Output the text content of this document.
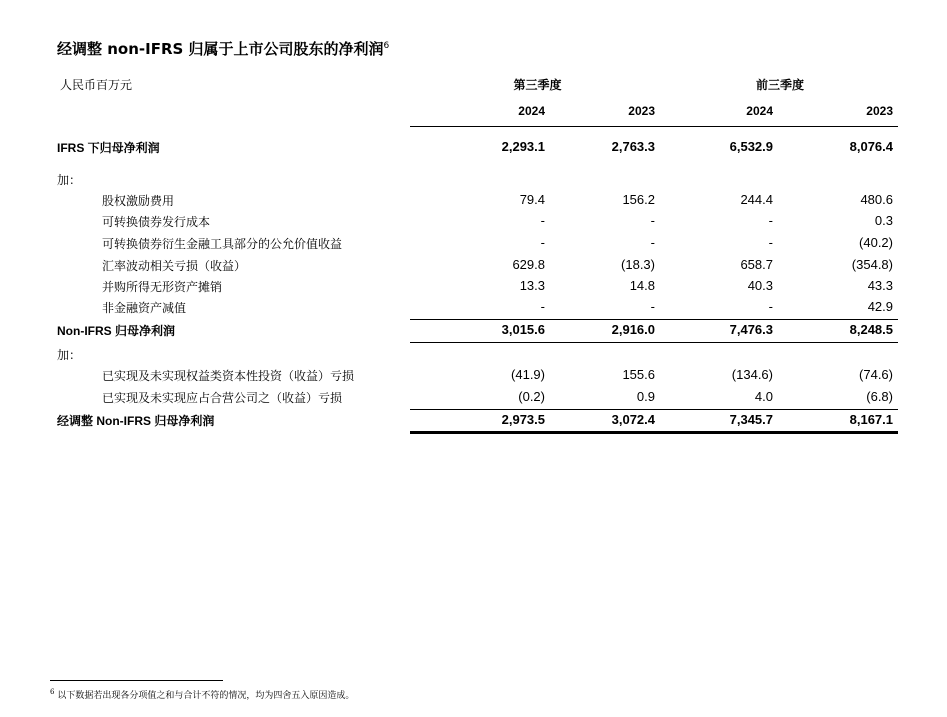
经调整 non-IFRS 归属于上市公司股东的净利润$^6$
人民币百万元	第三季度	前三季度
2024	2023	2024	2023
IFRS 下归母净利润	2,293.1	2,763.3	6,532.9	8,076.4
加：
股权激励费用	79.4	156.2	244.4	480.6
可转换债券发行成本	-	-	-	0.3
可转换债券衍生金融工具部分的公允价值收益	-	-	-	(40.2)
汇率波动相关亏损（收益）	629.8	(18.3)	658.7	(354.8)
并购所得无形资产摊销	13.3	14.8	40.3	43.3
非金融资产减值	-	-	-	42.9
Non-IFRS 归母净利润	3,015.6	2,916.0	7,476.3	8,248.5
加：
已实现及未实现权益类资本性投资（收益）亏损	(41.9)	155.6	(134.6)	(74.6)
已实现及未实现应占合营公司之（收益）亏损	(0.2)	0.9	4.0	(6.8)
经调整 Non-IFRS 归母净利润	2,973.5	3,072.4	7,345.7	8,167.1
$^6$ 以下数据若出现各分项值之和与合计不符的情况，均为四舍五入原因造成。
